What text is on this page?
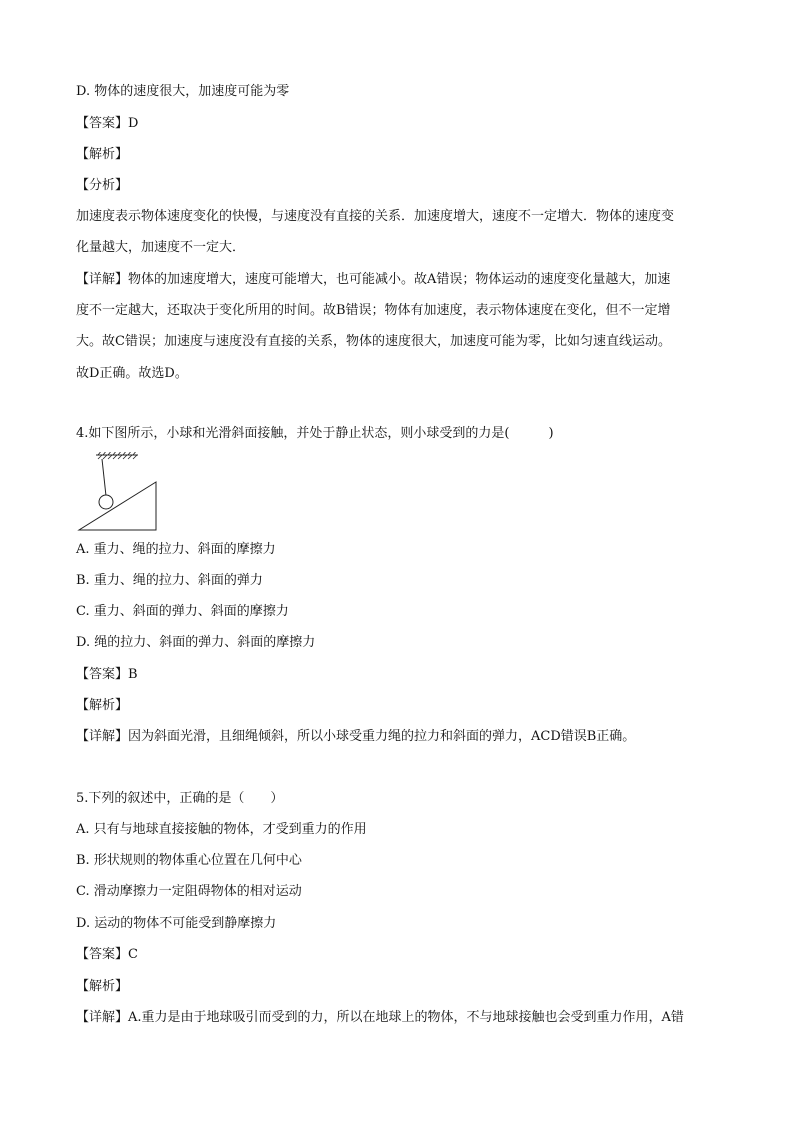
D. 物体的速度很大，加速度可能为零
【答案】D
【解析】
【分析】
加速度表示物体速度变化的快慢，与速度没有直接的关系．加速度增大，速度不一定增大．物体的速度变
化量越大，加速度不一定大．
【详解】物体的加速度增大，速度可能增大，也可能减小。故A错误；物体运动的速度变化量越大，加速
度不一定越大，还取决于变化所用的时间。故B错误；物体有加速度，表示物体速度在变化，但不一定增
大。故C错误；加速度与速度没有直接的关系，物体的速度很大，加速度可能为零，比如匀速直线运动。
故D正确。故选D。
4.如下图所示，小球和光滑斜面接触，并处于静止状态，则小球受到的力是(　　　)
A. 重力、绳的拉力、斜面的摩擦力
B. 重力、绳的拉力、斜面的弹力
C. 重力、斜面的弹力、斜面的摩擦力
D. 绳的拉力、斜面的弹力、斜面的摩擦力
【答案】B
【解析】
【详解】因为斜面光滑，且细绳倾斜，所以小球受重力绳的拉力和斜面的弹力，ACD错误B正确。
5.下列的叙述中，正确的是（　　）
A. 只有与地球直接接触的物体，才受到重力的作用
B. 形状规则的物体重心位置在几何中心
C. 滑动摩擦力一定阻碍物体的相对运动
D. 运动的物体不可能受到静摩擦力
【答案】C
【解析】
【详解】A.重力是由于地球吸引而受到的力，所以在地球上的物体，不与地球接触也会受到重力作用，A错
